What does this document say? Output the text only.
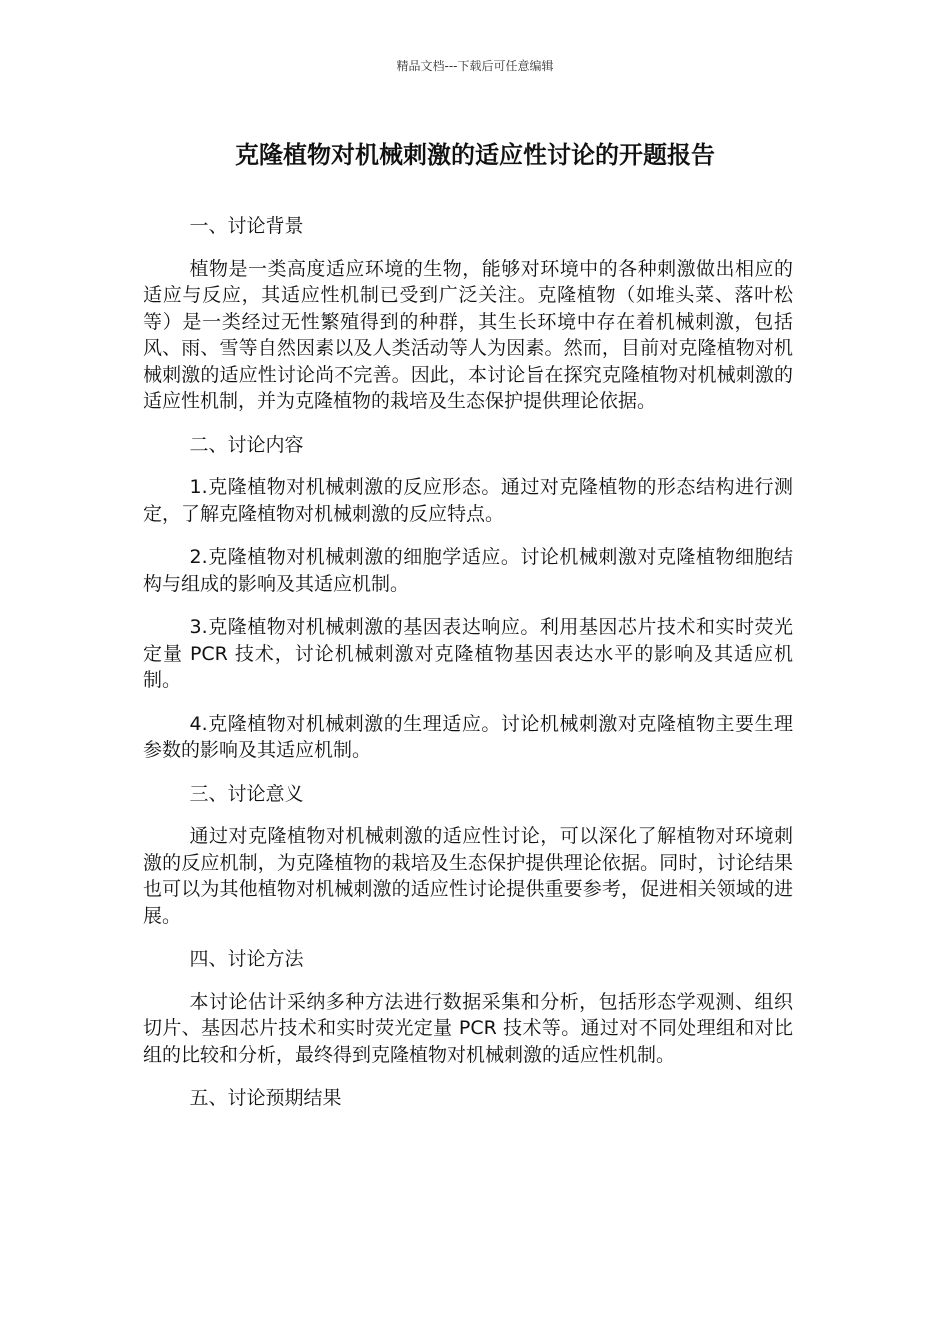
精品文档---下载后可任意编辑
克隆植物对机械刺激的适应性讨论的开题报告

一、讨论背景

植物是一类高度适应环境的生物，能够对环境中的各种刺激做出相应的适应与反应，其适应性机制已受到广泛关注。克隆植物（如堆头菜、落叶松等）是一类经过无性繁殖得到的种群，其生长环境中存在着机械刺激，包括风、雨、雪等自然因素以及人类活动等人为因素。然而，目前对克隆植物对机械刺激的适应性讨论尚不完善。因此，本讨论旨在探究克隆植物对机械刺激的适应性机制，并为克隆植物的栽培及生态保护提供理论依据。

二、讨论内容

1.克隆植物对机械刺激的反应形态。通过对克隆植物的形态结构进行测定，了解克隆植物对机械刺激的反应特点。

2.克隆植物对机械刺激的细胞学适应。讨论机械刺激对克隆植物细胞结构与组成的影响及其适应机制。

3.克隆植物对机械刺激的基因表达响应。利用基因芯片技术和实时荧光定量 PCR 技术，讨论机械刺激对克隆植物基因表达水平的影响及其适应机制。

4.克隆植物对机械刺激的生理适应。讨论机械刺激对克隆植物主要生理参数的影响及其适应机制。

三、讨论意义

通过对克隆植物对机械刺激的适应性讨论，可以深化了解植物对环境刺激的反应机制，为克隆植物的栽培及生态保护提供理论依据。同时，讨论结果也可以为其他植物对机械刺激的适应性讨论提供重要参考，促进相关领域的进展。

四、讨论方法

本讨论估计采纳多种方法进行数据采集和分析，包括形态学观测、组织切片、基因芯片技术和实时荧光定量 PCR 技术等。通过对不同处理组和对比组的比较和分析，最终得到克隆植物对机械刺激的适应性机制。

五、讨论预期结果
